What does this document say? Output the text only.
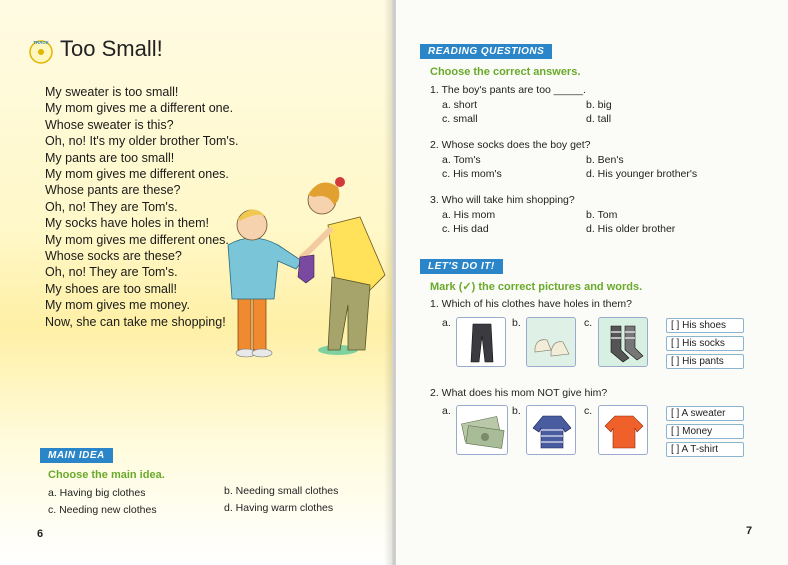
TRACK Too Small!
My sweater is too small!
My mom gives me a different one.
Whose sweater is this?
Oh, no! It's my older brother Tom's.
My pants are too small!
My mom gives me different ones.
Whose pants are these?
Oh, no! They are Tom's.
My socks have holes in them!
My mom gives me different ones.
Whose socks are these?
Oh, no! They are Tom's.
My shoes are too small!
My mom gives me money.
Now, she can take me shopping!
MAIN IDEA
Choose the main idea.
a. Having big clothes	b. Needing small clothes
c. Needing new clothes	d. Having warm clothes
6
READING QUESTIONS
Choose the correct answers.
1. The boy's pants are too _____.
a. short	b. big
c. small	d. tall
2. Whose socks does the boy get?
a. Tom's	b. Ben's
c. His mom's	d. His younger brother's
3. Who will take him shopping?
a. His mom	b. Tom
c. His dad	d. His older brother
LET'S DO IT!
Mark (✓) the correct pictures and words.
1. Which of his clothes have holes in them?
a.	b.	c.	[ ] His shoes
[ ] His socks
[ ] His pants
2. What does his mom NOT give him?
a.	b.	c.	[ ] A sweater
[ ] Money
[ ] A T-shirt
7
